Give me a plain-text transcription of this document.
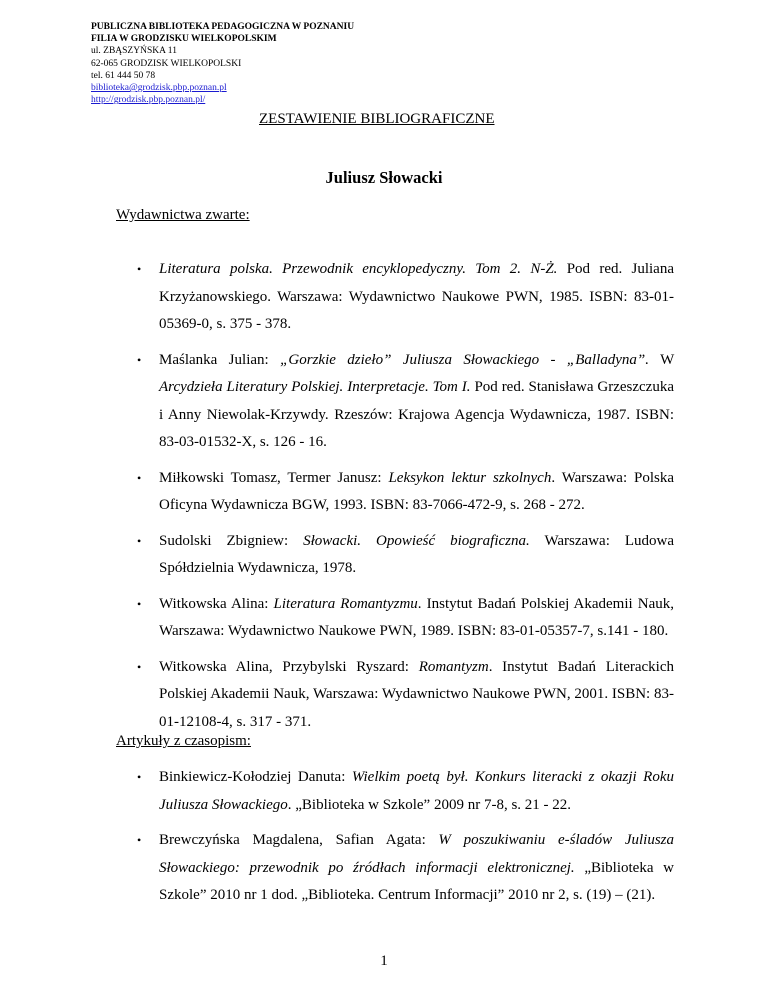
PUBLICZNA BIBLIOTEKA PEDAGOGICZNA W POZNANIU
FILIA W GRODZISKU WIELKOPOLSKIM
ul. ZBĄSZYŃSKA 11
62-065 GRODZISK WIELKOPOLSKI
tel. 61 444 50 78
biblioteka@grodzisk.pbp.poznan.pl
http://grodzisk.pbp.poznan.pl/
ZESTAWIENIE BIBLIOGRAFICZNE
Juliusz Słowacki
Wydawnictwa zwarte:
• Literatura polska. Przewodnik encyklopedyczny. Tom 2. N-Ż. Pod red. Juliana Krzyżanowskiego. Warszawa: Wydawnictwo Naukowe PWN, 1985. ISBN: 83-01-05369-0, s. 375 - 378.
• Maślanka Julian: „Gorzkie dzieło” Juliusza Słowackiego - „Balladyna”. W Arcydzieła Literatury Polskiej. Interpretacje. Tom I. Pod red. Stanisława Grzeszczuka i Anny Niewolak-Krzywdy. Rzeszów: Krajowa Agencja Wydawnicza, 1987. ISBN: 83-03-01532-X, s. 126 - 16.
• Miłkowski Tomasz, Termer Janusz: Leksykon lektur szkolnych. Warszawa: Polska Oficyna Wydawnicza BGW, 1993. ISBN: 83-7066-472-9, s. 268 - 272.
• Sudolski Zbigniew: Słowacki. Opowieść biograficzna. Warszawa: Ludowa Spółdzielnia Wydawnicza, 1978.
• Witkowska Alina: Literatura Romantyzmu. Instytut Badań Polskiej Akademii Nauk, Warszawa: Wydawnictwo Naukowe PWN, 1989. ISBN: 83-01-05357-7, s.141 - 180.
• Witkowska Alina, Przybylski Ryszard: Romantyzm. Instytut Badań Literackich Polskiej Akademii Nauk, Warszawa: Wydawnictwo Naukowe PWN, 2001. ISBN: 83-01-12108-4, s. 317 - 371.
Artykuły z czasopism:
• Binkiewicz-Kołodziej Danuta: Wielkim poetą był. Konkurs literacki z okazji Roku Juliusza Słowackiego. „Biblioteka w Szkole” 2009 nr 7-8, s. 21 - 22.
• Brewczyńska Magdalena, Safian Agata: W poszukiwaniu e-śladów Juliusza Słowackiego: przewodnik po źródłach informacji elektronicznej. „Biblioteka w Szkole” 2010 nr 1 dod. „Biblioteka. Centrum Informacji” 2010 nr 2, s. (19) – (21).
1
